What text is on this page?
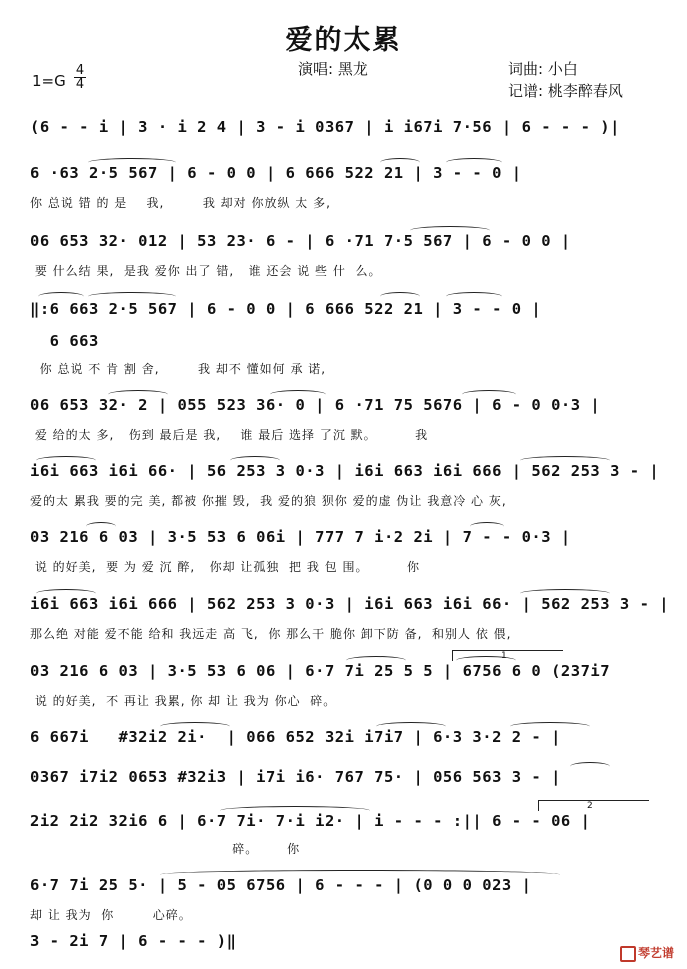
爱的太累
演唱: 黑龙	词曲: 小白
记谱: 桃李醉春风
1=G
4
4
(6 - - i | 3 · i 2 4 | 3 - i 0367 | i i67i 7·56 | 6 - - - )|
6 ·63 2·5 567 | 6 - 0 0 | 6 666 522 21 | 3 - - 0 |
你 总说 错 的 是    我,        我 却对 你放纵 太 多,
06 653 32· 012 | 53 23· 6 - | 6 ·71 7·5 567 | 6 - 0 0 |
要 什么结 果,  是我 爱你 出了 错,   谁 还会 说 些 什  么。
‖:6 663 2·5 567 | 6 - 0 0 | 6 666 522 21 | 3 - - 0 |
6 663
你 总说 不 肯 割 舍,        我 却不 懂如何 承 诺,
06 653 32· 2 | 055 523 36· 0 | 6 ·71 75 5676 | 6 - 0 0·3 |
爱 给的太 多,   伤到 最后是 我,    谁 最后 选择 了沉 默。        我
i6i 663 i6i 66· | 56 253 3 0·3 | i6i 663 i6i 666 | 562 253 3 - |
爱的太 累我 要的完 美, 都被 你摧 毁,  我 爱的狼 狈你 爱的虚 伪让 我意冷 心 灰,
03 216 6 03 | 3·5 53 6 06i | 777 7 i·2 2i | 7 - - 0·3 |
说 的好美,  要 为 爱 沉 醉,   你却 让孤独  把 我 包 围。        你
i6i 663 i6i 666 | 562 253 3 0·3 | i6i 663 i6i 66· | 562 253 3 - |
那么绝 对能 爱不能 给和 我远走 高 飞,  你 那么干 脆你 卸下防 备,  和别人 依 偎,
1
03 216 6 03 | 3·5 53 6 06 | 6·7 7i 25 5 5 | 6756 6 0 (237i7
说 的好美,  不 再让 我累, 你 却 让 我为 你心  碎。
6 667i   #32i2 2i·  | 066 652 32i i7i7 | 6·3 3·2 2 - |
0367 i7i2 0653 #32i3 | i7i i6· 767 75· | 056 563 3 - |
2
2i2 2i2 32i6 6 | 6·7 7i· 7·i i2· | i - - - :|| 6 - - 06 |
碎。      你
6·7 7i 25 5· | 5 - 05 6756 | 6 - - - | (0 0 0 023 |
却 让 我为  你        心碎。
3 - 2i 7 | 6 - - - )‖
琴艺谱
